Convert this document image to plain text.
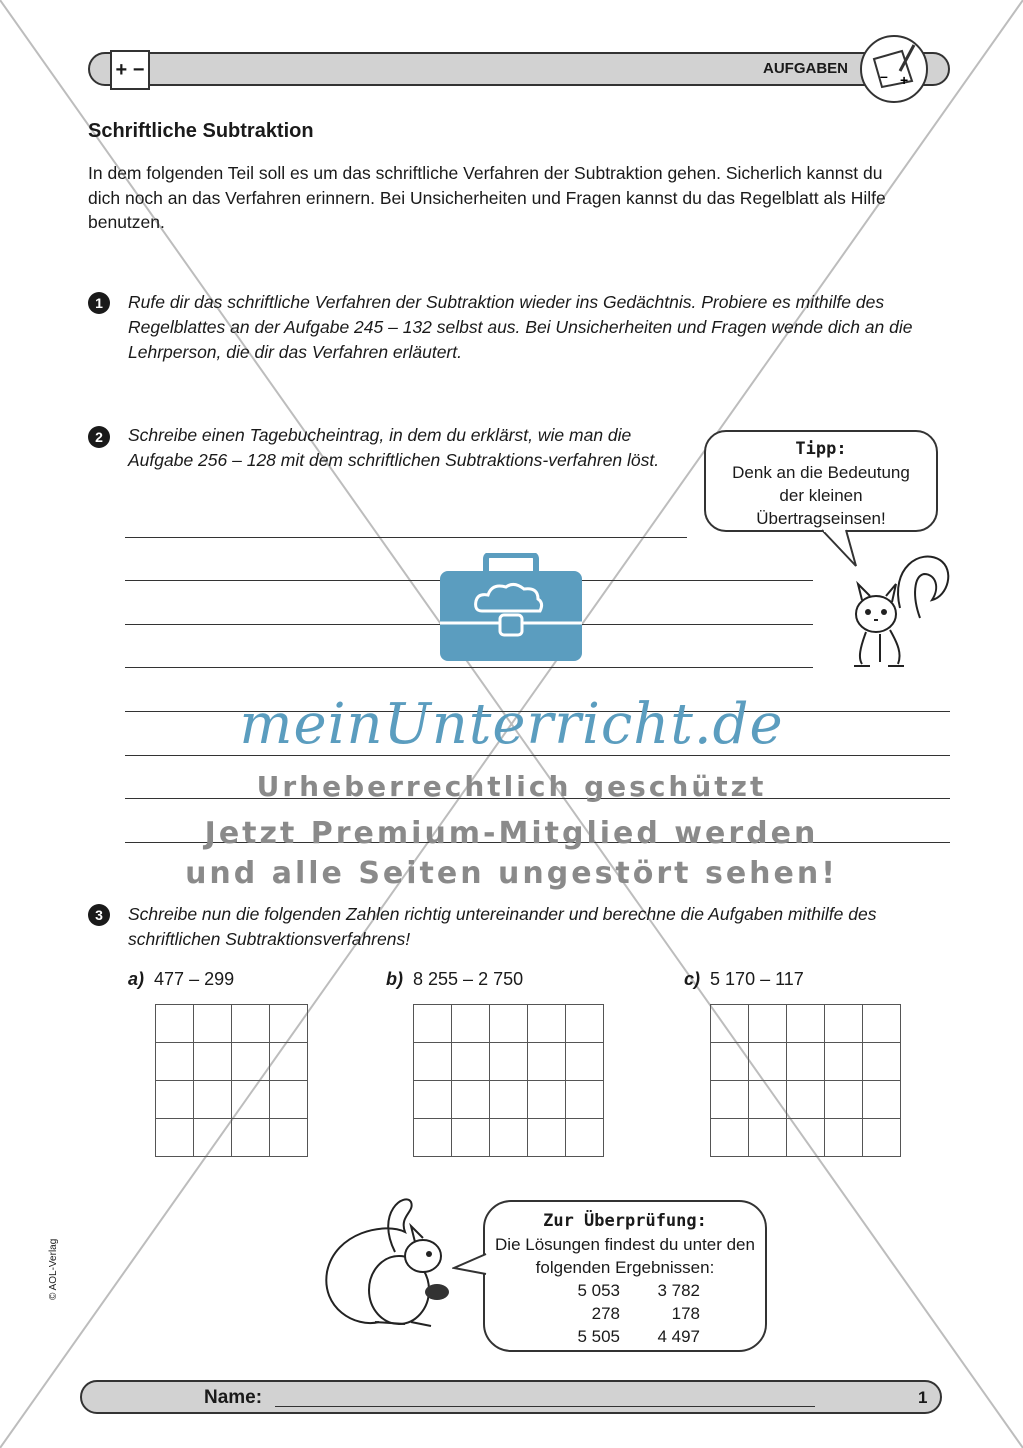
+ −	AUFGABEN – +
Schriftliche Subtraktion
In dem folgenden Teil soll es um das schriftliche Verfahren der Subtraktion gehen. Sicherlich kannst du dich noch an das Verfahren erinnern. Bei Unsicherheiten und Fragen kannst du das Regelblatt als Hilfe benutzen.
1	Rufe dir das schriftliche Verfahren der Subtraktion wieder ins Gedächtnis. Probiere es mithilfe des Regelblattes an der Aufgabe 245 – 132 selbst aus. Bei Unsicherheiten und Fragen wende dich an die Lehrperson, die dir das Verfahren erläutert.
2	Schreibe einen Tagebucheintrag, in dem du erklärst, wie man die Aufgabe 256 – 128 mit dem schriftlichen Subtraktions-verfahren löst.
Tipp:
Denk an die Bedeutung der kleinen Übertragseinsen!
meinUnterricht.de
Urheberrechtlich geschützt
Jetzt Premium-Mitglied werden
und alle Seiten ungestört sehen!
3	Schreibe nun die folgenden Zahlen richtig untereinander und berechne die Aufgaben mithilfe des schriftlichen Subtraktionsverfahrens!
a) 477 – 299	b) 8 255 – 2 750	c) 5 170 – 117

Zur Überprüfung:
Die Lösungen findest du unter den folgenden Ergebnissen:
5 053	3 782
278	178
5 505	4 497
© AOL-Verlag
Name:	1
